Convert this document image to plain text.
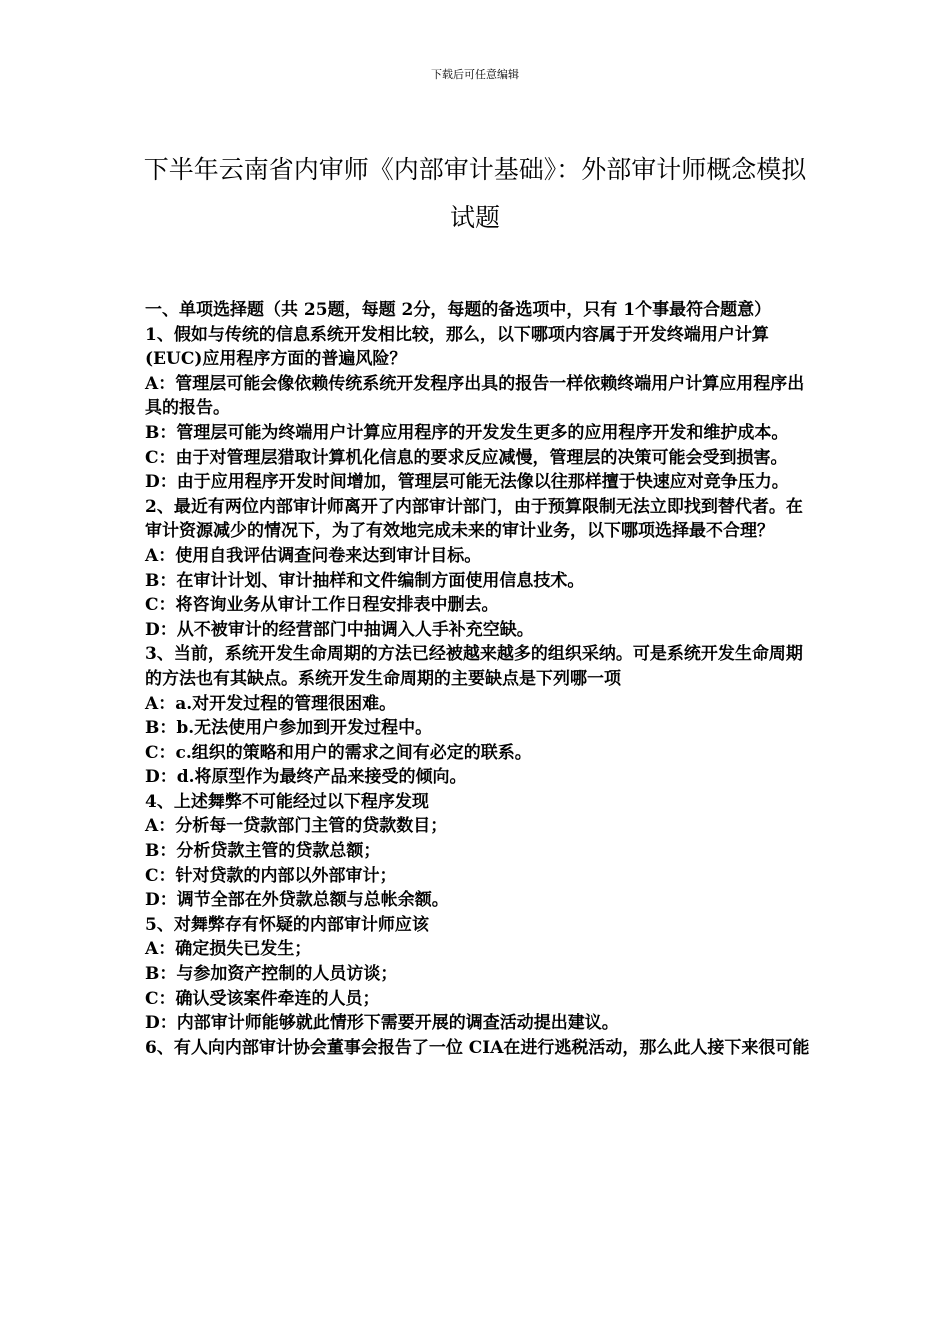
下载后可任意编辑
下半年云南省内审师《内部审计基础》：外部审计师概念模拟试题

一、单项选择题（共 25题，每题 2分，每题的备选项中，只有 1个事最符合题意）

1、假如与传统的信息系统开发相比较，那么，以下哪项内容属于开发终端用户计算(EUC)应用程序方面的普遍风险？

A：管理层可能会像依赖传统系统开发程序出具的报告一样依赖终端用户计算应用程序出具的报告。

B：管理层可能为终端用户计算应用程序的开发发生更多的应用程序开发和维护成本。

C：由于对管理层猎取计算机化信息的要求反应减慢，管理层的决策可能会受到损害。

D：由于应用程序开发时间增加，管理层可能无法像以往那样擅于快速应对竞争压力。

2、最近有两位内部审计师离开了内部审计部门，由于预算限制无法立即找到替代者。在审计资源减少的情况下，为了有效地完成未来的审计业务，以下哪项选择最不合理？

A：使用自我评估调查问卷来达到审计目标。

B：在审计计划、审计抽样和文件编制方面使用信息技术。

C：将咨询业务从审计工作日程安排表中删去。

D：从不被审计的经营部门中抽调入人手补充空缺。

3、当前，系统开发生命周期的方法已经被越来越多的组织采纳。可是系统开发生命周期的方法也有其缺点。系统开发生命周期的主要缺点是下列哪一项

A：a.对开发过程的管理很困难。

B：b.无法使用户参加到开发过程中。

C：c.组织的策略和用户的需求之间有必定的联系。

D：d.将原型作为最终产品来接受的倾向。

4、上述舞弊不可能经过以下程序发现

A：分析每一贷款部门主管的贷款数目；

B：分析贷款主管的贷款总额；

C：针对贷款的内部以外部审计；

D：调节全部在外贷款总额与总帐余额。

5、对舞弊存有怀疑的内部审计师应该

A：确定损失已发生；

B：与参加资产控制的人员访谈；

C：确认受该案件牵连的人员；

D：内部审计师能够就此情形下需要开展的调查活动提出建议。

6、有人向内部审计协会董事会报告了一位 CIA在进行逃税活动，那么此人接下来很可能
